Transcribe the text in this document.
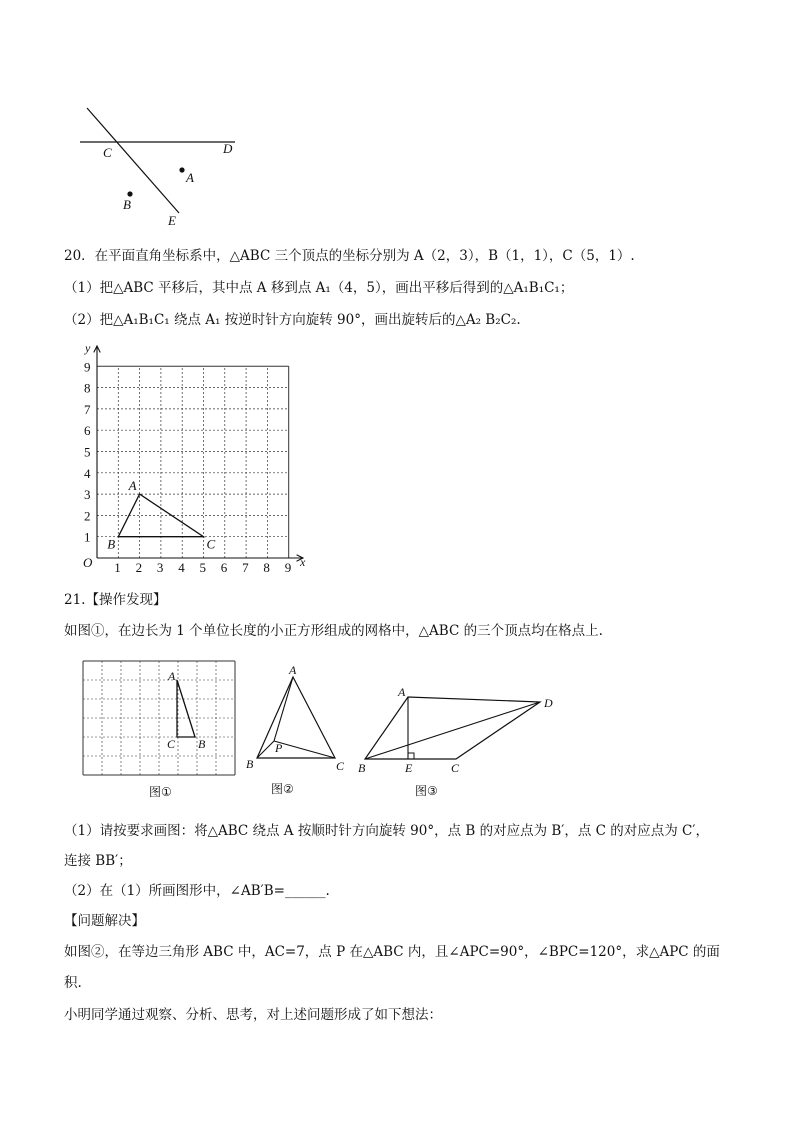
C	D
A
B
E
20．在平面直角坐标系中，△ABC 三个顶点的坐标分别为 A（2，3），B（1，1），C（5，1）.
（1）把△ABC 平移后，其中点 A 移到点 A₁（4，5），画出平移后得到的△A₁B₁C₁；
（2）把△A₁B₁C₁ 绕点 A₁ 按逆时针方向旋转 90°，画出旋转后的△A₂ B₂C₂.
x
y
O 1 2 3 4 5 6 7 8 9
1
2
3
4
5
6
7
8
9
A
B	C
21.【操作发现】
如图①，在边长为 1 个单位长度的小正方形组成的网格中，△ABC 的三个顶点均在格点上.
A
C B
图①
A
B	C
P
图②
A
D
B	E	C
图③
（1）请按要求画图：将△ABC 绕点 A 按顺时针方向旋转 90°，点 B 的对应点为 B′，点 C 的对应点为 C′，
连接 BB′；
（2）在（1）所画图形中，∠AB′B=______.
【问题解决】
如图②，在等边三角形 ABC 中，AC=7，点 P 在△ABC 内，且∠APC=90°，∠BPC=120°，求△APC 的面
积.
小明同学通过观察、分析、思考，对上述问题形成了如下想法：
